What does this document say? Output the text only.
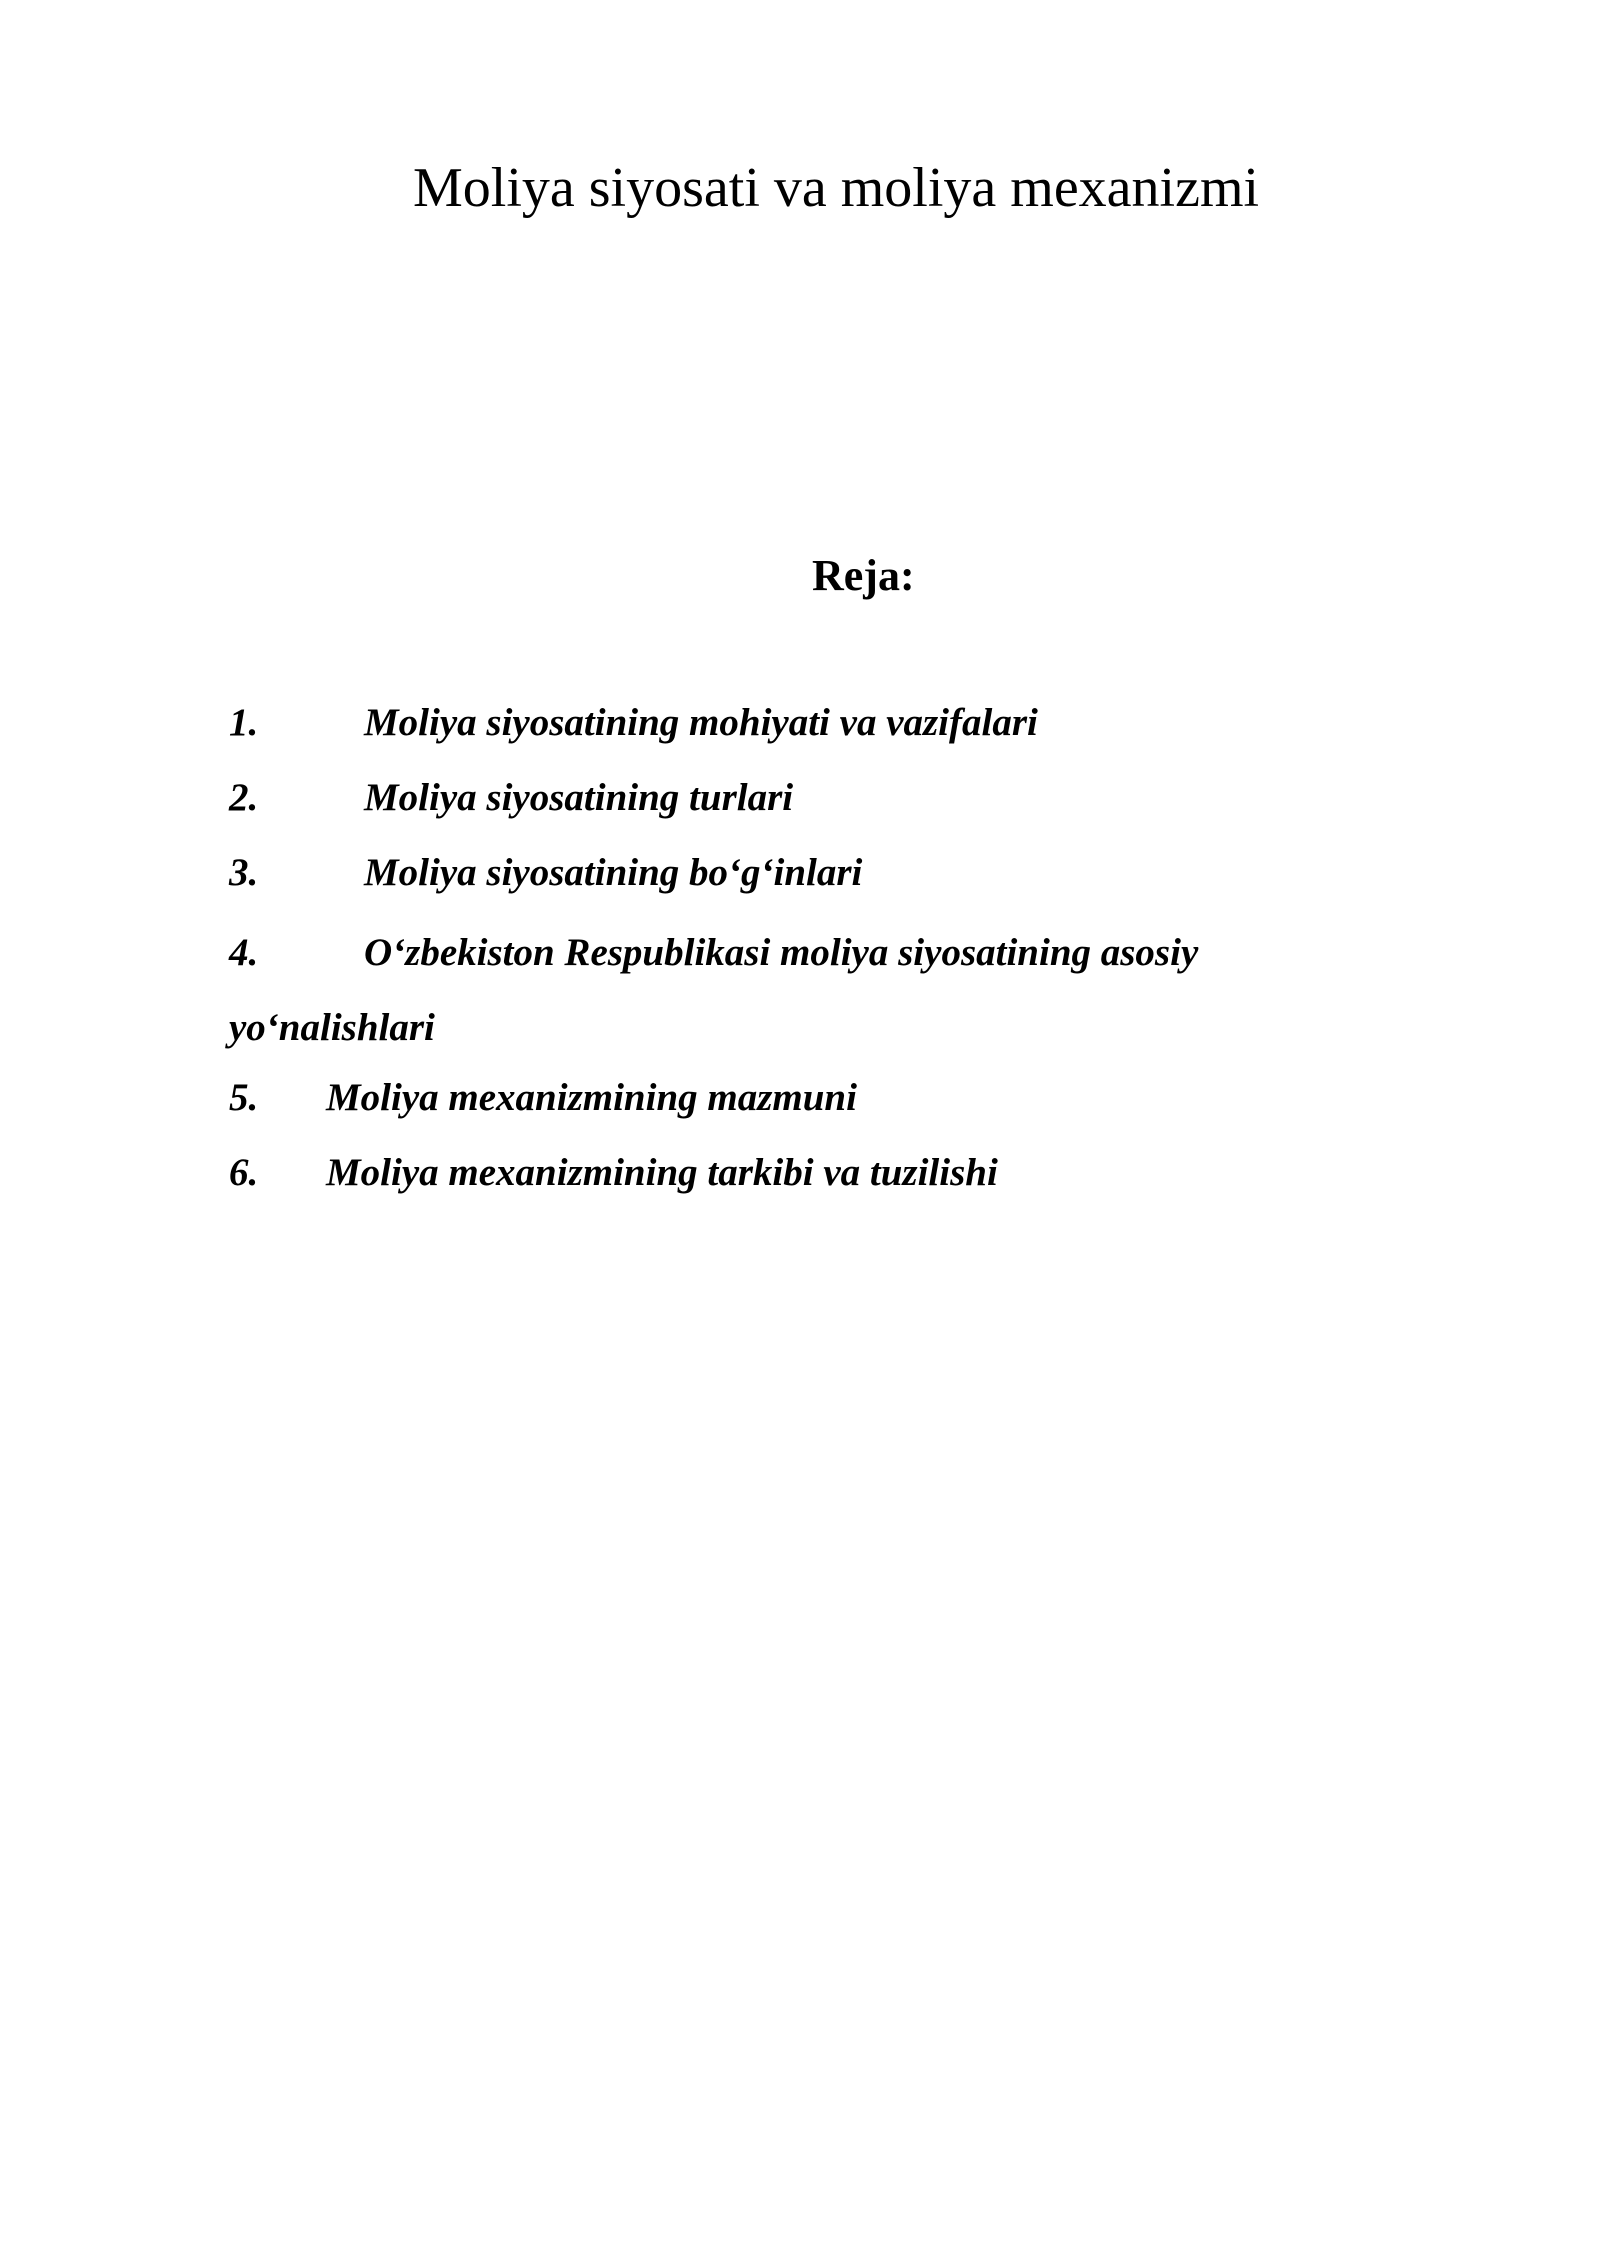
Moliya siyosati va moliya mexanizmi
Reja:
1.	Moliya siyosatining mohiyati va vazifalari
2.	Moliya siyosatining turlari
3.	Moliya siyosatining bo‘g‘inlari
4.	O‘zbekiston Respublikasi moliya siyosatining asosiy yo‘nalishlari
5. Moliya mexanizmining mazmuni
6. Moliya mexanizmining tarkibi va tuzilishi
